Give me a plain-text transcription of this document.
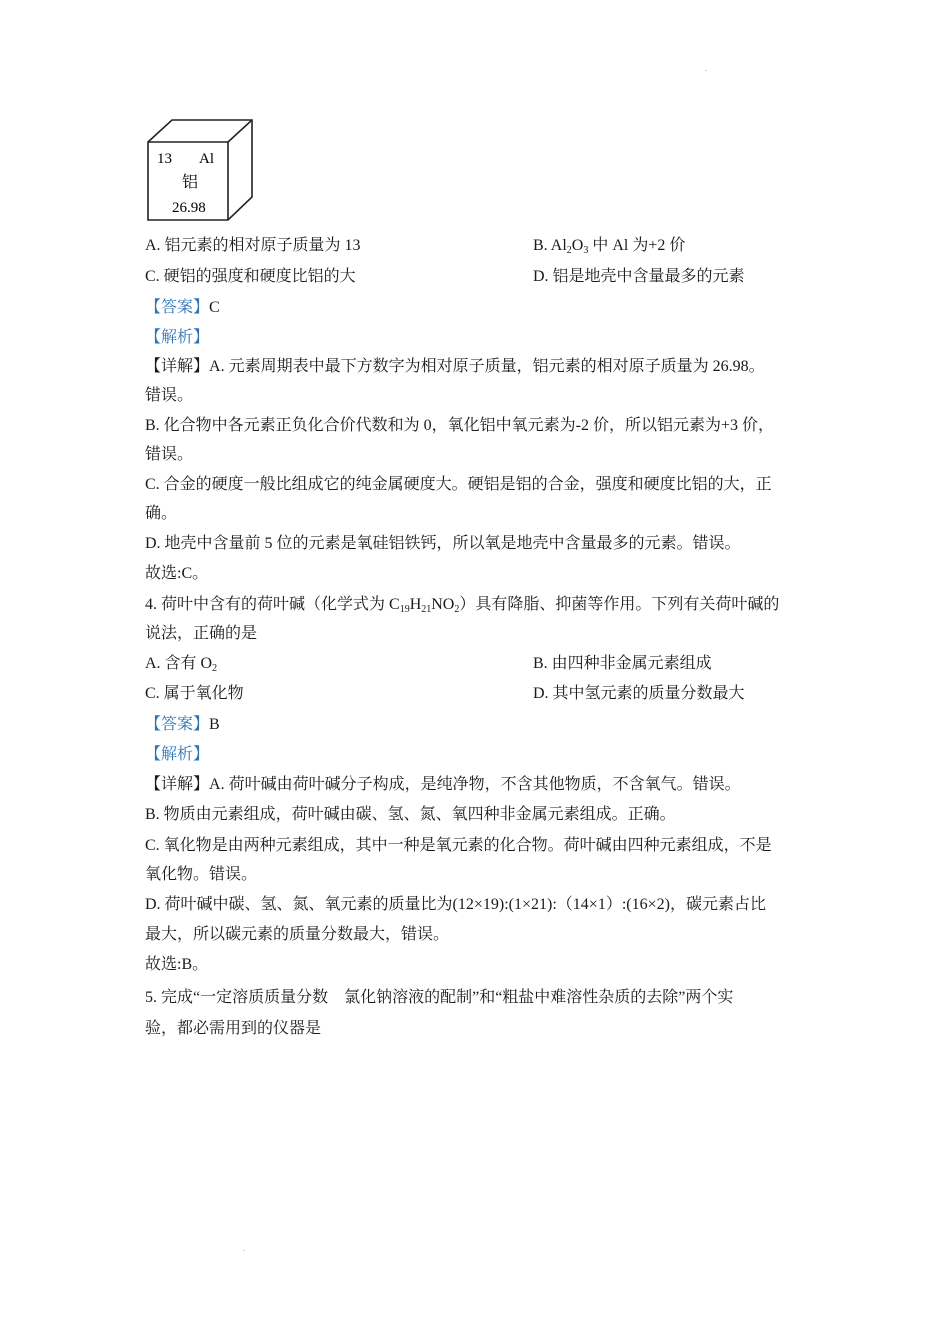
.
13 Al
铝
26.98
A. 铝元素的相对原子质量为 13	B. $Al_2O_3$ 中 Al 为+2 价
C. 硬铝的强度和硬度比铝的大	D. 铝是地壳中含量最多的元素
【答案】C
【解析】
【详解】A. 元素周期表中最下方数字为相对原子质量，铝元素的相对原子质量为 26.98。
错误。
B. 化合物中各元素正负化合价代数和为 0，氧化铝中氧元素为-2 价，所以铝元素为+3 价，
错误。
C. 合金的硬度一般比组成它的纯金属硬度大。硬铝是铝的合金，强度和硬度比铝的大，正
确。
D. 地壳中含量前 5 位的元素是氧硅铝铁钙，所以氧是地壳中含量最多的元素。错误。
故选:C。
4. 荷叶中含有的荷叶碱（化学式为 $C_{19}H_{21}NO_2$）具有降脂、抑菌等作用。下列有关荷叶碱的
说法，正确的是
A. 含有 $O_2$	B. 由四种非金属元素组成
C. 属于氧化物	D. 其中氢元素的质量分数最大
【答案】B
【解析】
【详解】A. 荷叶碱由荷叶碱分子构成，是纯净物，不含其他物质，不含氧气。错误。
B. 物质由元素组成，荷叶碱由碳、氢、氮、氧四种非金属元素组成。正确。
C. 氧化物是由两种元素组成，其中一种是氧元素的化合物。荷叶碱由四种元素组成，不是
氧化物。错误。
D. 荷叶碱中碳、氢、氮、氧元素的质量比为(12×19):(1×21):（14×1）:(16×2)，碳元素占比
最大，所以碳元素的质量分数最大，错误。
故选:B。
5. 完成“一定溶质质量分数　氯化钠溶液的配制”和“粗盐中难溶性杂质的去除”两个实
验，都必需用到的仪器是
.
